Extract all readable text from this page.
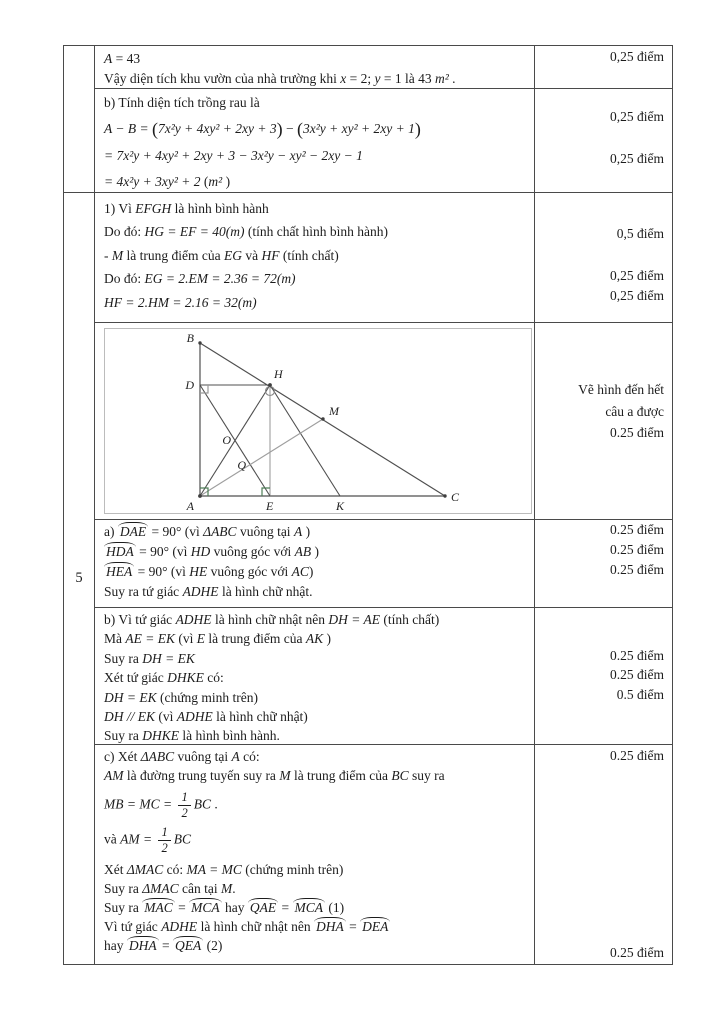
5
A = 43
Vậy diện tích khu vườn của nhà trường khi x = 2; y = 1 là 43 m² .
0,25 điểm
b) Tính diện tích trồng rau là
A − B = (7x²y + 4xy² + 2xy + 3) − (3x²y + xy² + 2xy + 1)
= 7x²y + 4xy² + 2xy + 3 − 3x²y − xy² − 2xy − 1
= 4x²y + 3xy² + 2 (m² )
0,25 điểm
0,25 điểm
1) Vì EFGH là hình bình hành
Do đó: HG = EF = 40(m) (tính chất hình bình hành)
- M là trung điểm của EG và HF (tính chất)
Do đó: EG = 2.EM = 2.36 = 72(m)
HF = 2.HM = 2.16 = 32(m)
0,5 điểm
0,25 điểm
0,25 điểm
B
D
H
M
O
Q
A	E	K
C
Vẽ hình đến hết
câu a được
0.25 điểm
a) DAE = 90° (vì ΔABC vuông tại A )
HDA = 90° (vì HD vuông góc với AB )
HEA = 90° (vì HE vuông góc với AC)
Suy ra tứ giác ADHE là hình chữ nhật.
0.25 điểm
0.25 điểm
0.25 điểm
b) Vì tứ giác ADHE là hình chữ nhật nên DH = AE (tính chất)
Mà AE = EK (vì E là trung điểm của AK )
Suy ra DH = EK
Xét tứ giác DHKE có:
DH = EK (chứng minh trên)
DH // EK (vì ADHE là hình chữ nhật)
Suy ra DHKE là hình bình hành.
0.25 điểm
0.25 điểm
0.5 điểm
c) Xét ΔABC vuông tại A có:
AM là đường trung tuyến suy ra M là trung điểm của BC suy ra
MB = MC = $\frac{1}{2}$ BC .
và AM = $\frac{1}{2}$ BC
Xét ΔMAC có: MA = MC (chứng minh trên)
Suy ra ΔMAC cân tại M.
Suy ra MAC = MCA hay QAE = MCA (1)
Vì tứ giác ADHE là hình chữ nhật nên DHA = DEA
hay DHA = QEA (2)
0.25 điểm
0.25 điểm
